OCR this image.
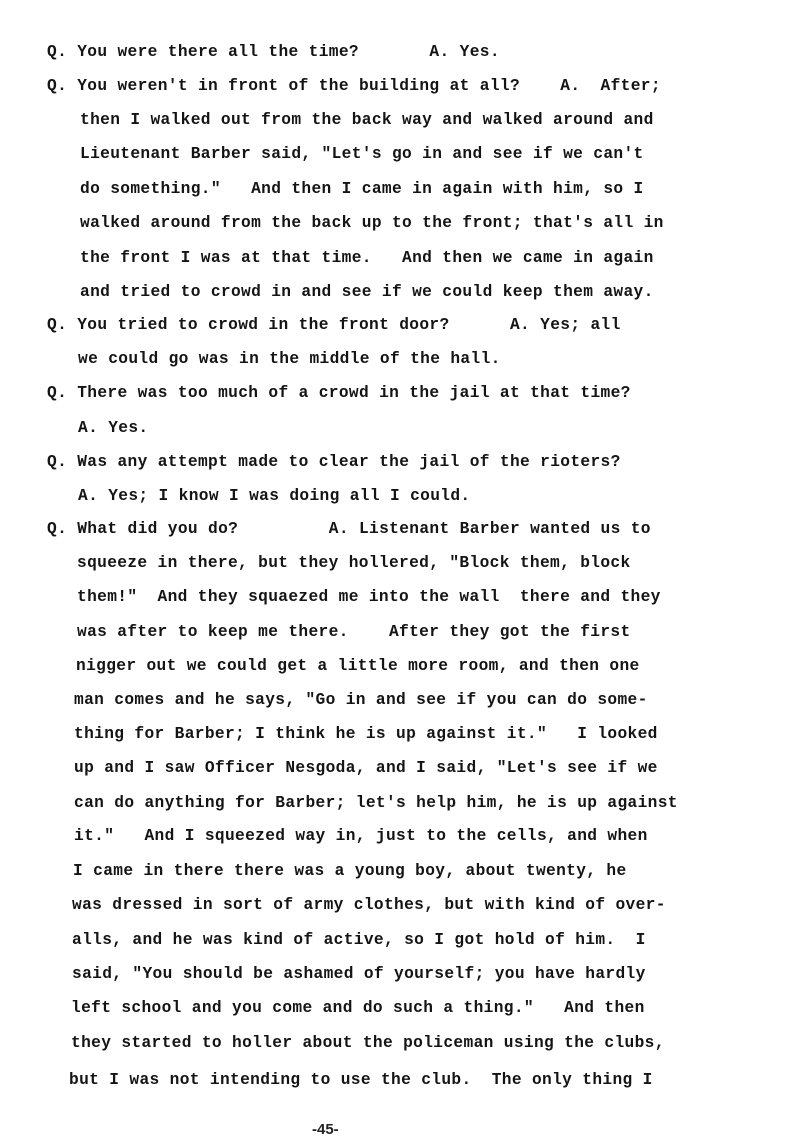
Q. You were there all the time?       A. Yes.
Q. You weren't in front of the building at all?    A.  After;
then I walked out from the back way and walked around and
Lieutenant Barber said, "Let's go in and see if we can't
do something."   And then I came in again with him, so I
walked around from the back up to the front; that's all in
the front I was at that time.   And then we came in again
and tried to crowd in and see if we could keep them away.
Q. You tried to crowd in the front door?      A. Yes; all
we could go was in the middle of the hall.
Q. There was too much of a crowd in the jail at that time?
A. Yes.
Q. Was any attempt made to clear the jail of the rioters?
A. Yes; I know I was doing all I could.
Q. What did you do?         A. Listenant Barber wanted us to
squeeze in there, but they hollered, "Block them, block
them!"  And they squaezed me into the wall  there and they
was after to keep me there.    After they got the first
nigger out we could get a little more room, and then one
man comes and he says, "Go in and see if you can do some-
thing for Barber; I think he is up against it."   I looked
up and I saw Officer Nesgoda, and I said, "Let's see if we
can do anything for Barber; let's help him, he is up against
it."   And I squeezed way in, just to the cells, and when
I came in there there was a young boy, about twenty, he
was dressed in sort of army clothes, but with kind of over-
alls, and he was kind of active, so I got hold of him.  I
said, "You should be ashamed of yourself; you have hardly
left school and you come and do such a thing."   And then
they started to holler about the policeman using the clubs,
but I was not intending to use the club.  The only thing I
-45-
